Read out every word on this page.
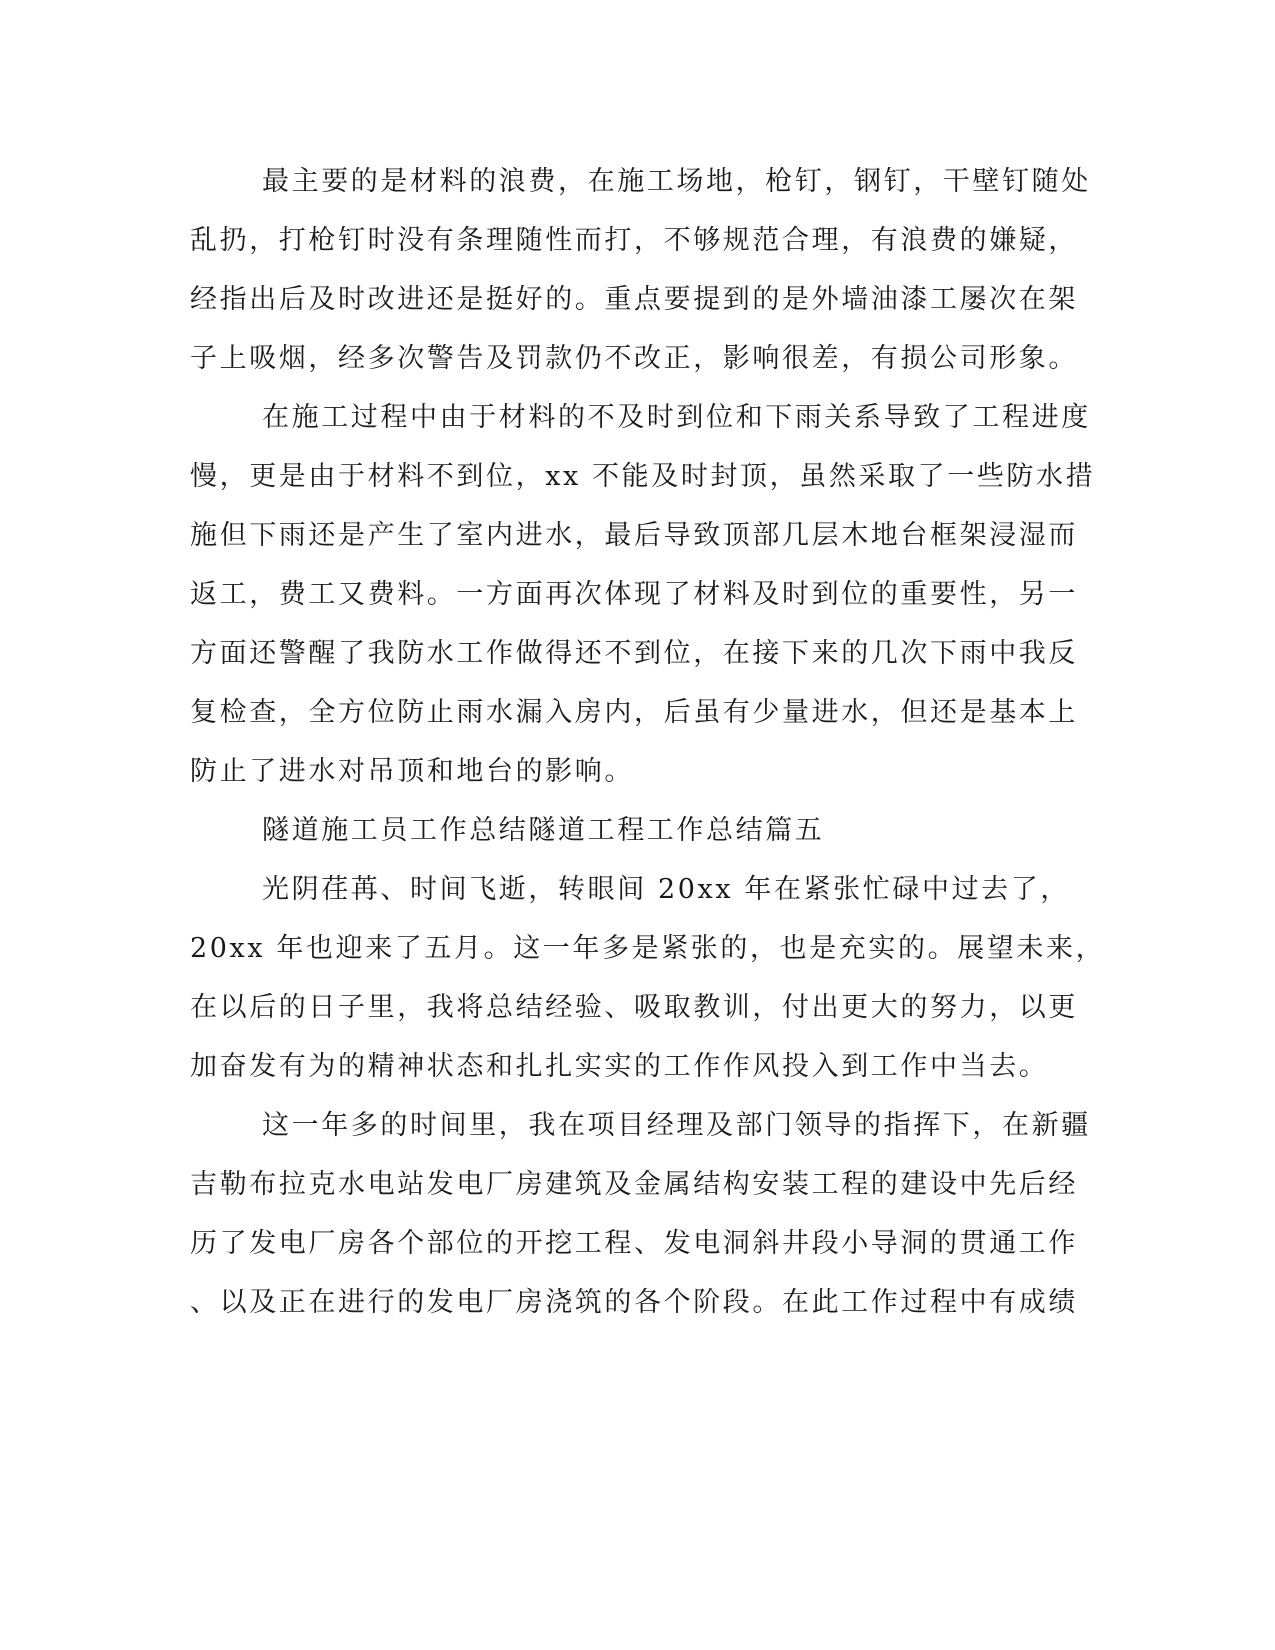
最主要的是材料的浪费，在施工场地，枪钉，钢钉，干壁钉随处
乱扔，打枪钉时没有条理随性而打，不够规范合理，有浪费的嫌疑，
经指出后及时改进还是挺好的。重点要提到的是外墙油漆工屡次在架
子上吸烟，经多次警告及罚款仍不改正，影响很差，有损公司形象。
在施工过程中由于材料的不及时到位和下雨关系导致了工程进度
慢，更是由于材料不到位，xx 不能及时封顶，虽然采取了一些防水措
施但下雨还是产生了室内进水，最后导致顶部几层木地台框架浸湿而
返工，费工又费料。一方面再次体现了材料及时到位的重要性，另一
方面还警醒了我防水工作做得还不到位，在接下来的几次下雨中我反
复检查，全方位防止雨水漏入房内，后虽有少量进水，但还是基本上
防止了进水对吊顶和地台的影响。
隧道施工员工作总结隧道工程工作总结篇五
光阴荏苒、时间飞逝，转眼间 20xx 年在紧张忙碌中过去了，
20xx 年也迎来了五月。这一年多是紧张的，也是充实的。展望未来，
在以后的日子里，我将总结经验、吸取教训，付出更大的努力，以更
加奋发有为的精神状态和扎扎实实的工作作风投入到工作中当去。
这一年多的时间里，我在项目经理及部门领导的指挥下，在新疆
吉勒布拉克水电站发电厂房建筑及金属结构安装工程的建设中先后经
历了发电厂房各个部位的开挖工程、发电洞斜井段小导洞的贯通工作
、以及正在进行的发电厂房浇筑的各个阶段。在此工作过程中有成绩
